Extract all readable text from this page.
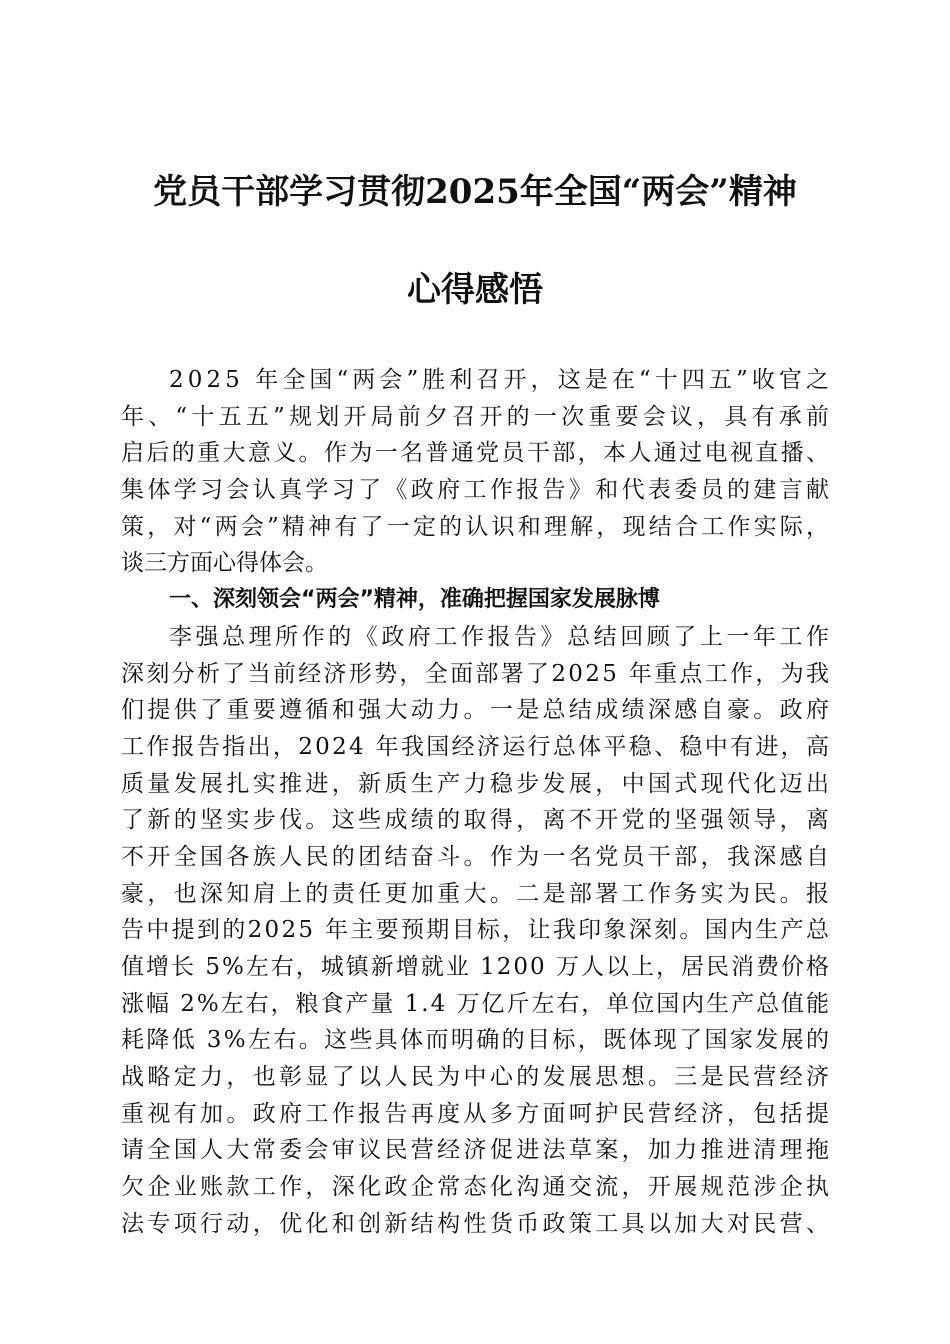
党员干部学习贯彻2025年全国“两会”精神
心得感悟
2025 年全国“两会”胜利召开，这是在“十四五”收官之
年、“十五五”规划开局前夕召开的一次重要会议，具有承前
启后的重大意义。作为一名普通党员干部，本人通过电视直播、
集体学习会认真学习了《政府工作报告》和代表委员的建言献
策，对“两会”精神有了一定的认识和理解，现结合工作实际，
谈三方面心得体会。
一、深刻领会“两会”精神，准确把握国家发展脉博
李强总理所作的《政府工作报告》总结回顾了上一年工作
深刻分析了当前经济形势，全面部署了2025 年重点工作，为我
们提供了重要遵循和强大动力。一是总结成绩深感自豪。政府
工作报告指出，2024 年我国经济运行总体平稳、稳中有进，高
质量发展扎实推进，新质生产力稳步发展，中国式现代化迈出
了新的坚实步伐。这些成绩的取得，离不开党的坚强领导，离
不开全国各族人民的团结奋斗。作为一名党员干部，我深感自
豪，也深知肩上的责任更加重大。二是部署工作务实为民。报
告中提到的2025 年主要预期目标，让我印象深刻。国内生产总
值增长 5%左右，城镇新增就业 1200 万人以上，居民消费价格
涨幅 2%左右，粮食产量 1.4 万亿斤左右，单位国内生产总值能
耗降低 3%左右。这些具体而明确的目标，既体现了国家发展的
战略定力，也彰显了以人民为中心的发展思想。三是民营经济
重视有加。政府工作报告再度从多方面呵护民营经济，包括提
请全国人大常委会审议民营经济促进法草案，加力推进清理拖
欠企业账款工作，深化政企常态化沟通交流，开展规范涉企执
法专项行动，优化和创新结构性货币政策工具以加大对民营、
